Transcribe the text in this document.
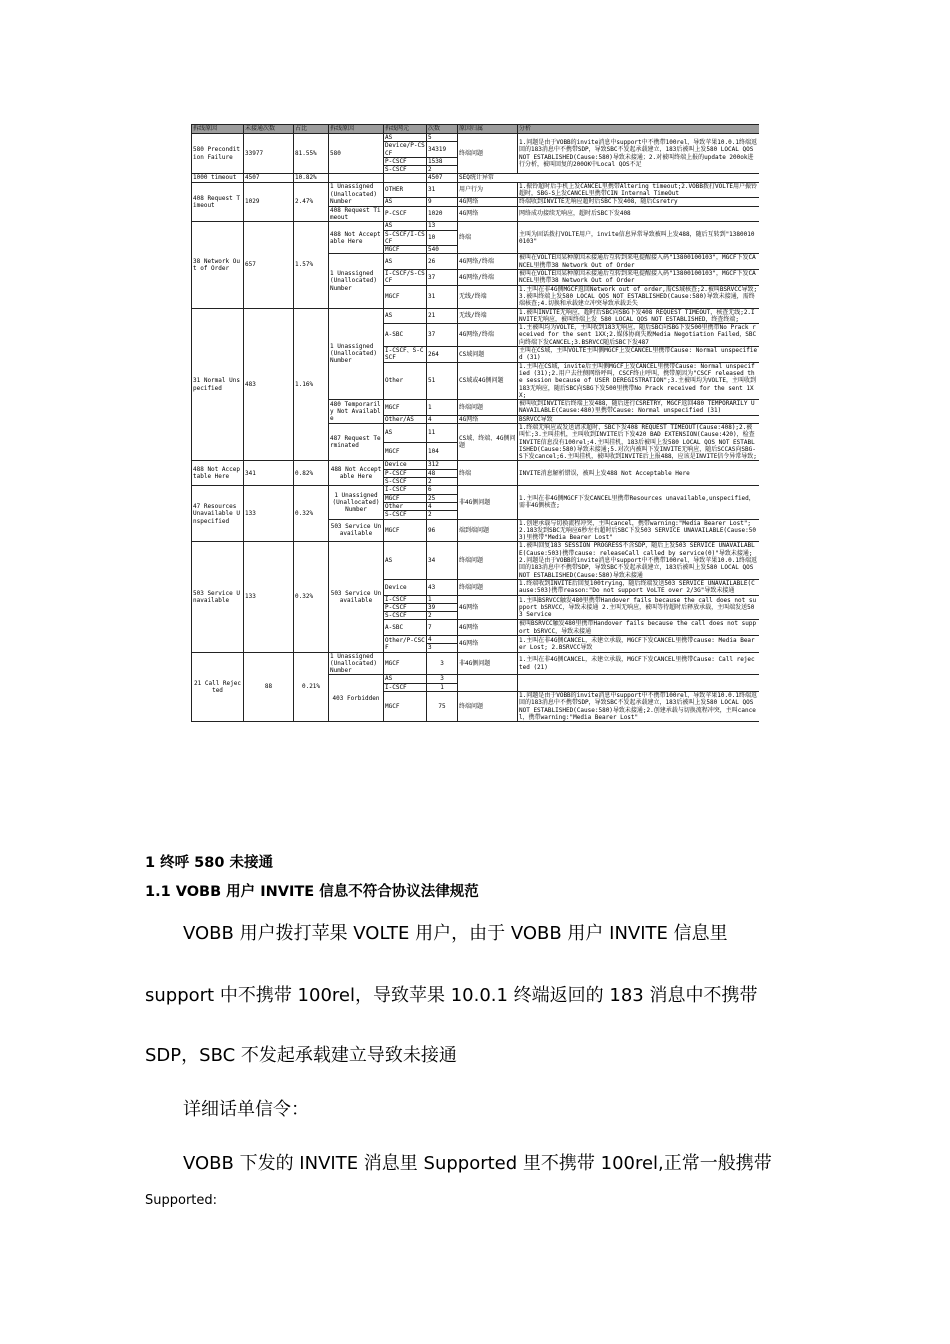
拆线原因	未接通次数	占比	拆线原因	拆线网元	次数	原因归属	分析
580 Precondition Failure	33977	81.55%	580	AS	5	终端问题	1.问题是由于VOBB的invite消息中support中不携带100rel，导致苹果10.0.1终端返回的183消息中不携带SDP，导致SBC不发起承载建立，183后被叫上发580 LOCAL QOS NOT ESTABLISHED(Cause:580)导致未接通；2.对被叫终端上报的update 200ok进行分析，被叫回复的200OK中Local QOS不足
				Device/P-CSCF	34319		
				P-CSCF	1538		
				S-CSCF	2		
1000 timeout	4507	10.82%			4507	SEQ统计异常	
408 Request Timeout	1029	2.47%	1 Unassigned (Unallocated) Number	OTHER	31	用户行为	1.振铃超时后手机上发CANCEL里携带Altering timeout;2.VOBB拨打VOLTE用户振铃超时，SBG-S上发CANCEL里携带CIN Internal TimeOut
				AS	9	4G网络	终端收到INVITE无响应超时后SBC下发408，随后Csretry
			408 Request Timeout	P-CSCF	1020	4G网络	网络成功接续无响应，超时后SBC下发408
38 Network Out of Order	657	1.57%	488 Not Acceptable Here	AS	13	终端	主叫为固话拨打VOLTE用户，invite信息异常导致被叫上发488，随后互转到"13800100103"
				S-CSCF/I-CSCF	10		
				MGCF	540		
			1 Unassigned (Unallocated) Number	AS	26	4G网络/终端	被叫在VOLTE因某种原因未接通后互转到来电提醒接入码"13800100103"，MGCF下发CANCEL里携带38 Network Out of Order
				I-CSCF/S-CSCF	37	4G网络/终端	被叫在VOLTE因某种原因未接通后互转到来电提醒接入码"13800100103"，MGCF下发CANCEL里携带38 Network Out of Order
				MGCF	31	无线/终端	1.主叫在非4G侧MGCF返回Network out of order,需CS域核查;2.被叫BSRVCC导致;3.被叫终端上发580 LOCAL QOS NOT ESTABLISHED(Cause:580)导致未接通，需终端核查;4.切换和承载建立冲突导致承载丢失
31 Normal Unspecified	483	1.16%	1 Unassigned (Unallocated) Number	AS	21	无线/终端	1.被叫INVITE无响应，超时后SBC向SBG下发408 REQUEST TIMEOUT，核查无线;2.INVITE无响应，被叫终端上发 580 LOCAL QOS NOT ESTABLISHED，终查终端;
				A-SBC	37	4G网络/终端	1.主被叫均为VOLTE，主叫收到183无响应，随后SBC向SBG下发500里携带No Prack received for the sent 1XX;2.媒体协商失败Media Negotiation Failed，SBC向终端下发CANCEL;3.BSRVCC随后SBC下发487
				I-CSCF、S-CSCF	264	CS域问题	主叫在CS域，主叫VOLTE主叫侧MGCF上发CANCEL里携带Cause: Normal unspecified (31)
				Other	51	CS域或4G侧问题	1.主叫在CS域，invite后主叫侧MGCF上发CANCEL里携带Cause: Normal unspecified (31);2.用户去往侧网络呼叫，CSCF终止呼叫，携带原因为"CSCF released the session because of USER DEREGISTRATION";3.主被叫均为VOLTE，主叫收到183无响应，随后SBC向SBG下发500里携带No Prack received for the sent 1XX;
			480 Temporarily Not Available	MGCF	1	终端问题	被叫收到INVITE后终端上发488，随后进行CSRETRY，MGCF返回480 TEMPORARILY UNAVAILABLE(Cause:480)里携带Cause: Normal unspecified (31)
				Other/AS	4	4G网络	BSRVCC导致
			487 Request Terminated	AS	11	CS域、终端、4G侧问题	1.终端无响应或发送请求超时，SBC下发408 REQUEST TIMEOUT(Cause:408);2.被叫忙;3.主叫挂机，主叫收到INVITE后下发420 BAD EXTENSION(Cause:420)，检查INVITE信息没有100rel;4.主叫挂机，183后被叫上发580 LOCAL QOS NOT ESTABLISHED(Cause:580)导致未接通;5.对次内被叫下发INVITE无响应，随后SCCAS向SBG-S下发cancel;6.主叫挂机，被叫收到INVITE后上报488，应该是INVITE信令异常导致;
				MGCF	104		
488 Not Acceptable Here	341	0.82%	488 Not Acceptable Here	Device	312	终端	INVITE消息解析错误，被叫上发488 Not Acceptable Here
				P-CSCF	48		
				S-CSCF	2		
47 Resources Unavailable Unspecified	133	0.32%	1 Unassigned (Unallocated) Number	I-CSCF	6	非4G侧问题	1.主叫在非4G侧MGCF下发CANCEL里携带Resources unavailable,unspecified，需非4G侧核查;
				MGCF	25		
				Other	4		
				S-CSCF	2		
			503 Service Unavailable	MGCF	96	端到端问题	1.创建承载与切换流程冲突，主叫cancel，携带warning:"Media Bearer Lost";2.183发到SBC无响应6秒左右超时后SBC下发503 SERVICE UNAVAILABLE(Cause:503)里携带"Media Bearer Lost"
503 Service Unavailable	133	0.32%	503 Service Unavailable	AS	34	终端问题	1.被叫回复183 SESSION PROGRESS不含SDP，随后上发503 SERVICE UNAVAILABLE(Cause:503)携带cause: releaseCall called by service(0)"导致未接通;2.问题是由于VOBB的invite消息中support中不携带100rel，导致苹果10.0.1终端返回的183消息中不携带SDP，导致SBC不发起承载建立，183后被叫上发580 LOCAL QOS NOT ESTABLISHED(Cause:580)导致未接通
				Device	43	终端问题	1.终端收到INVITE后回复100trying，随后终端发送503 SERVICE UNAVAILABLE(Cause:503)携带reason:"Do not support VoLTE over 2/3G"导致未接通
				I-CSCF	1	4G网络	1.主叫BSRVCC触发480里携带Handover fails because the call does not support bSRVCC，导致未接通 2.主叫无响应，被叫等待超时后释放承载，主叫端发送503 Service
				P-CSCF	39		
				S-CSCF	2		
				A-SBC	7	4G网络	被叫BSRVCC触发480里携带Handover fails because the call does not support bSRVCC，导致未接通
				Other/P-CSCF	4	4G网络	1.主叫在非4G侧CANCEL，未建立承载，MGCF下发CANCEL里携带cause: Media Bearer Lost; 2.BSRVCC导致
					3		
21 Call Rejected	88	0.21%	1 Unassigned (Unallocated) Number	MGCF	3	非4G侧问题	1.主叫在非4G侧CANCEL，未建立承载，MGCF下发CANCEL里携带Cause: Call rejected (21)
			403 Forbidden	AS	3		
				I-CSCF	1		
				MGCF	75	终端问题	1.问题是由于VOBB的invite消息中support中不携带100rel，导致苹果10.0.1终端返回的183消息中不携带SDP，导致SBC不发起承载建立，183后被叫上发580 LOCAL QOS NOT ESTABLISHED(Cause:580)导致未接通;2.创建承载与切换流程冲突，主叫cancel，携带warning:"Media Bearer Lost"
1 终呼 580 未接通
1.1 VOBB 用户 INVITE 信息不符合协议法律规范

VOBB 用户拨打苹果 VOLTE 用户，由于 VOBB 用户 INVITE 信息里

support 中不携带 100rel，导致苹果 10.0.1 终端返回的 183 消息中不携带

SDP，SBC 不发起承载建立导致未接通

详细话单信令：

VOBB 下发的 INVITE 消息里 Supported 里不携带 100rel,正常一般携带

Supported:
